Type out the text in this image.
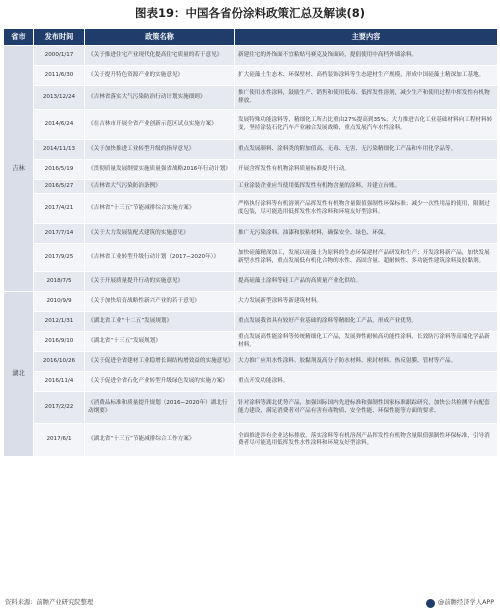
图表19：中国各省份涂料政策汇总及解读(8)
省市	发布时间	政策名称	主要内容
吉林	2000/1/17	《关于推进住宅产业现代化提高住宅质量的若干意见》	新建住宅的外饰面不宜粘贴马赛克及饰面砖，提倡使用中高档外墙涂料。
	2011/6/30	《关于提升特色资源产业的实施意见》	扩大硅藻土生态木、环保壁材、高档装饰涂料等生态建材生产规模，形成中国硅藻土精深加工基地。
	2013/12/24	《吉林省落实大气污染防治行动计划实施细则》	推广使用水性涂料，鼓励生产、销售和使用低毒、低挥发性溶剂，减少生产和使用过程中挥发性有机物排放。
	2014/6/24	《在吉林市开展全省产业创新示范区试点实施方案》	发展特殊功能涂料等，精细化工所占比重由27%提高到35%；大力推进吉化工业基础材料向工程材料转变，坚持涂装石化汽车产业融合发展战略，重点发展汽车水性涂料。
	2014/11/13	《关于加快推进工业转型升级的指导意见》	重点发展颜料、涂料类的附加值高、无毒、无害、无污染精细化工产品和车用化学品等。
	2016/5/19	《贯彻质量发展纲要实施质量强省战略2016年行动计划》	开展含挥发性有机物涂料质量标准提升行动。
	2016/5/27	《吉林省大气污染防治条例》	工业涂装企业应当使用低挥发性有机物含量的涂料，并建立台账。
	2017/4/21	《吉林省“十三五”节能减排综合实施方案》	严格执行涂料等有机溶剂产品挥发性有机物含量限值强制性环保标准；减少一次性用品的使用，限制过度包装，尽可能选用低挥发性水性涂料和环境友好型涂料。
	2017/7/14	《关于大力发展装配式建筑的实施意见》	推广无污染涂料、油漆和胶粘材料，确保安全、绿色、环保。
	2017/9/25	《吉林省工业转型升级行动计划（2017−2020年）》	加快硅藻精深加工，发展以硅藻土为原料的生态环保建材产品研发和生产；开发涂料新产品，加快发展新型水性涂料，重点发展低有机化合物的水性、高固含量、超耐候性、多功能性建筑涂料及胶黏剂。
	2018/7/5	《关于开展质量提升行动的实施意见》	提高硅藻土涂料等硅工产品的高质量产业化供给。
湖北	2010/9/9	《关于加快培育战略性新兴产业的若干意见》	大力发展新型涂料等新建筑材料。
	2012/1/31	《湖北省工业“十二五”发展规划》	重点发展我省具有较好产业基础的涂料等精细化工产品，形成产业优势。
	2016/9/10	《湖北省“十三五”发展规划》	重点发展高性能涂料等传统精细化工产品，发展弹性耐候高功能性涂料、长效防污涂料等高端化学品新材料。
	2016/10/26	《关于促进全省建材工业稳增长调结构增效益的实施意见》	大力推广应用水性涂料、胶黏剂及高分子防水材料、密封材料、热反射膜、管材等产品。
	2016/11/4	《关于促进全省石化产业转型升级绿色发展的实施方案》	重点开发功能涂料。
	2017/2/22	《消费品标准和质量提升规划（2016−2020年）湖北行动纲要》	针对涂料等湖北优势产品，加强国际国内先进标准和强制性国家标准跟踪研究，加快公共检测平台配套能力建设，满足消费者对产品有害有毒物质、安全性能、环保性能等方面的要求。
	2017/6/1	《湖北省“十三五”节能减排综合工作方案》	全面推进涉有企业达标排放，落实涂料等有机溶剂产品挥发性有机物含量限值强制性环保标准，引导消费者尽可能选用低挥发性水性涂料和环境友好型涂料。
资料来源：前瞻产业研究院整理	@前瞻经济学人APP
